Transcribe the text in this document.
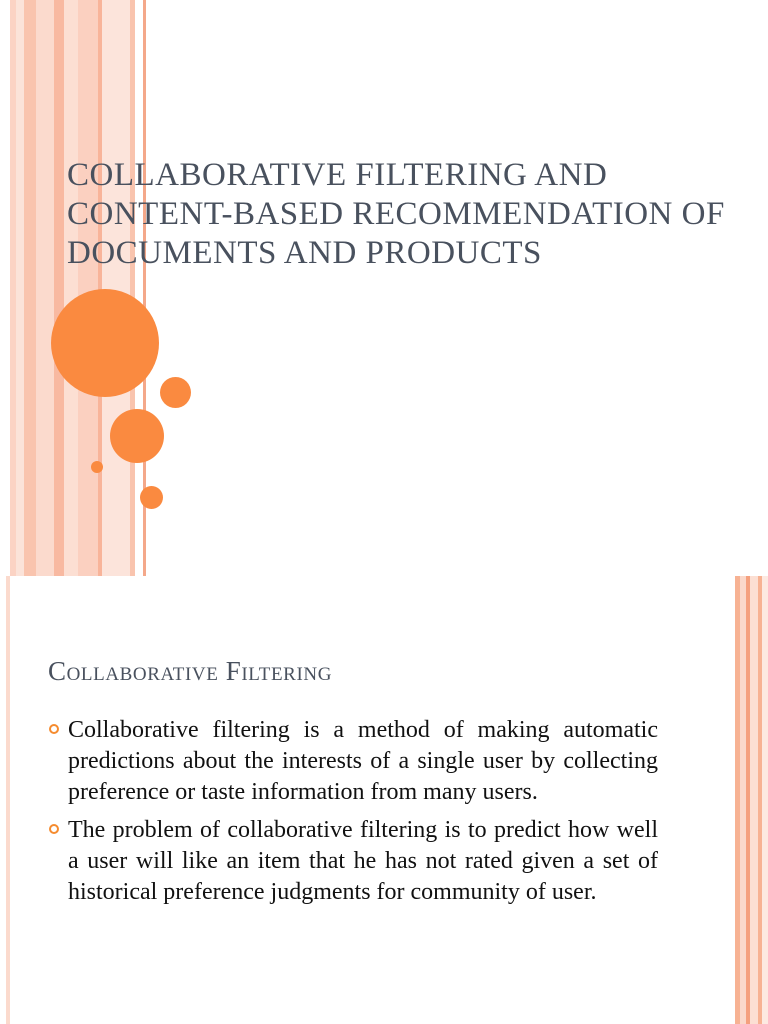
COLLABORATIVE FILTERING AND CONTENT-BASED RECOMMENDATION OF DOCUMENTS AND PRODUCTS
Collaborative Filtering
Collaborative filtering is a method of making automatic predictions about the interests of a single user by collecting preference or taste information from many users.
The problem of collaborative filtering is to predict how well a user will like an item that he has not rated given a set of historical preference judgments for community of user.
